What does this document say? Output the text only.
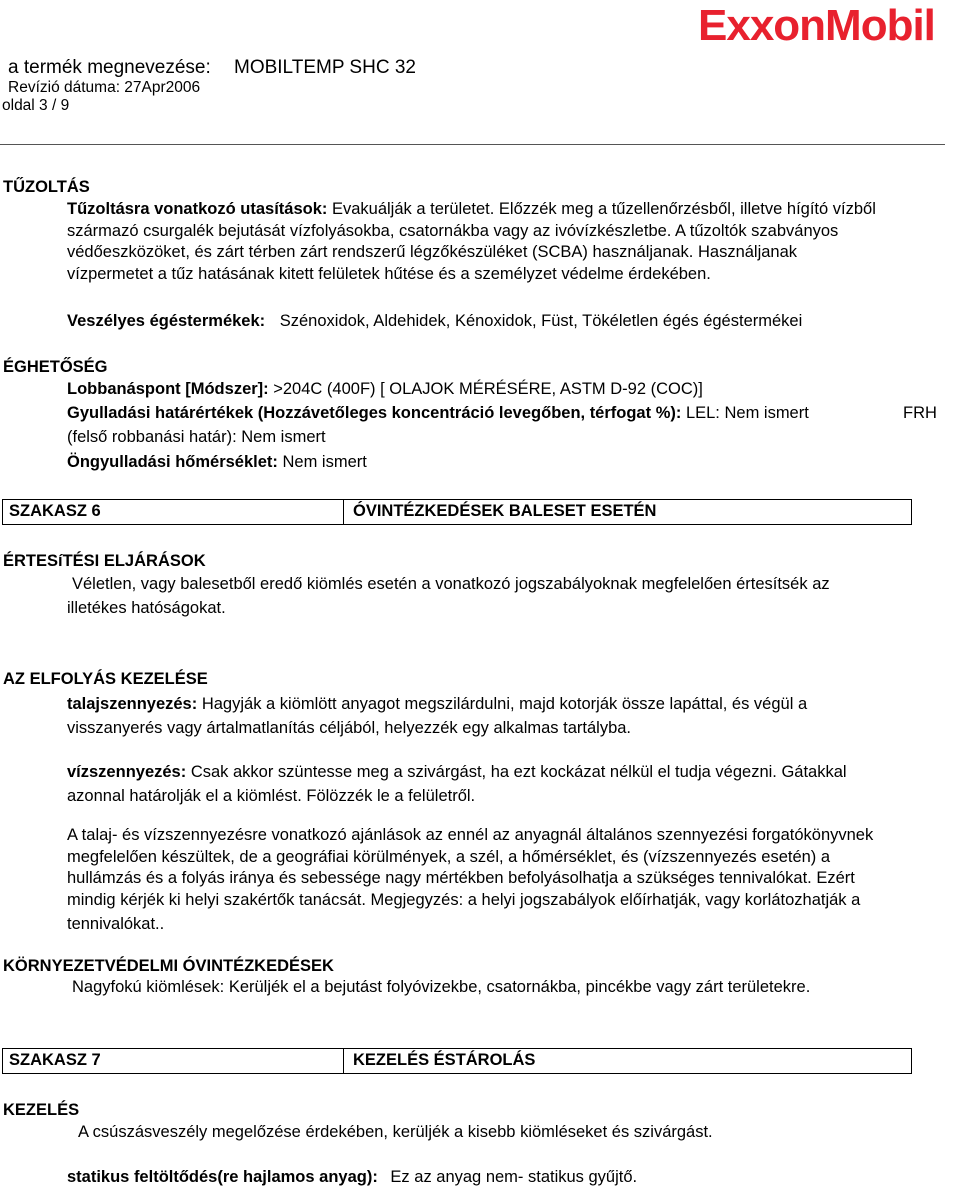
ExxonMobil
a termék megnevezése: MOBILTEMP SHC 32
Revízió dátuma: 27Apr2006
oldal 3 / 9
TŰZOLTÁS
Tűzoltásra vonatkozó utasítások: Evakuálják a területet. Előzzék meg a tűzellenőrzésből, illetve hígító vízből
származó csurgalék bejutását vízfolyásokba, csatornákba vagy az ivóvízkészletbe. A tűzoltók szabványos
védőeszközöket, és zárt térben zárt rendszerű légzőkészüléket (SCBA) használjanak. Használjanak
vízpermetet a tűz hatásának kitett felületek hűtése és a személyzet védelme érdekében.
Veszélyes égéstermékek: Szénoxidok, Aldehidek, Kénoxidok, Füst, Tökéletlen égés égéstermékei
ÉGHETŐSÉG
Lobbanáspont [Módszer]: >204C (400F) [ OLAJOK MÉRÉSÉRE, ASTM D-92 (COC)]
Gyulladási határértékek (Hozzávetőleges koncentráció levegőben, térfogat %): LEL: Nem ismert	FRH
(felső robbanási határ): Nem ismert
Öngyulladási hőmérséklet: Nem ismert
SZAKASZ 6	ÓVINTÉZKEDÉSEK BALESET ESETÉN
ÉRTESíTÉSI ELJÁRÁSOK
Véletlen, vagy balesetből eredő kiömlés esetén a vonatkozó jogszabályoknak megfelelően értesítsék az
illetékes hatóságokat.
AZ ELFOLYÁS KEZELÉSE
talajszennyezés: Hagyják a kiömlött anyagot megszilárdulni, majd kotorják össze lapáttal, és végül a
visszanyerés vagy ártalmatlanítás céljából, helyezzék egy alkalmas tartályba.
vízszennyezés: Csak akkor szüntesse meg a szivárgást, ha ezt kockázat nélkül el tudja végezni. Gátakkal
azonnal határolják el a kiömlést. Fölözzék le a felületről.
A talaj- és vízszennyezésre vonatkozó ajánlások az ennél az anyagnál általános szennyezési forgatókönyvnek
megfelelően készültek, de a geográfiai körülmények, a szél, a hőmérséklet, és (vízszennyezés esetén) a
hullámzás és a folyás iránya és sebessége nagy mértékben befolyásolhatja a szükséges tennivalókat. Ezért
mindig kérjék ki helyi szakértők tanácsát. Megjegyzés: a helyi jogszabályok előírhatják, vagy korlátozhatják a
tennivalókat..
KÖRNYEZETVÉDELMI ÓVINTÉZKEDÉSEK
Nagyfokú kiömlések: Kerüljék el a bejutást folyóvizekbe, csatornákba, pincékbe vagy zárt területekre.
SZAKASZ 7	KEZELÉS ÉSTÁROLÁS
KEZELÉS
A csúszásveszély megelőzése érdekében, kerüljék a kisebb kiömléseket és szivárgást.
statikus feltöltődés(re hajlamos anyag): Ez az anyag nem- statikus gyűjtő.
